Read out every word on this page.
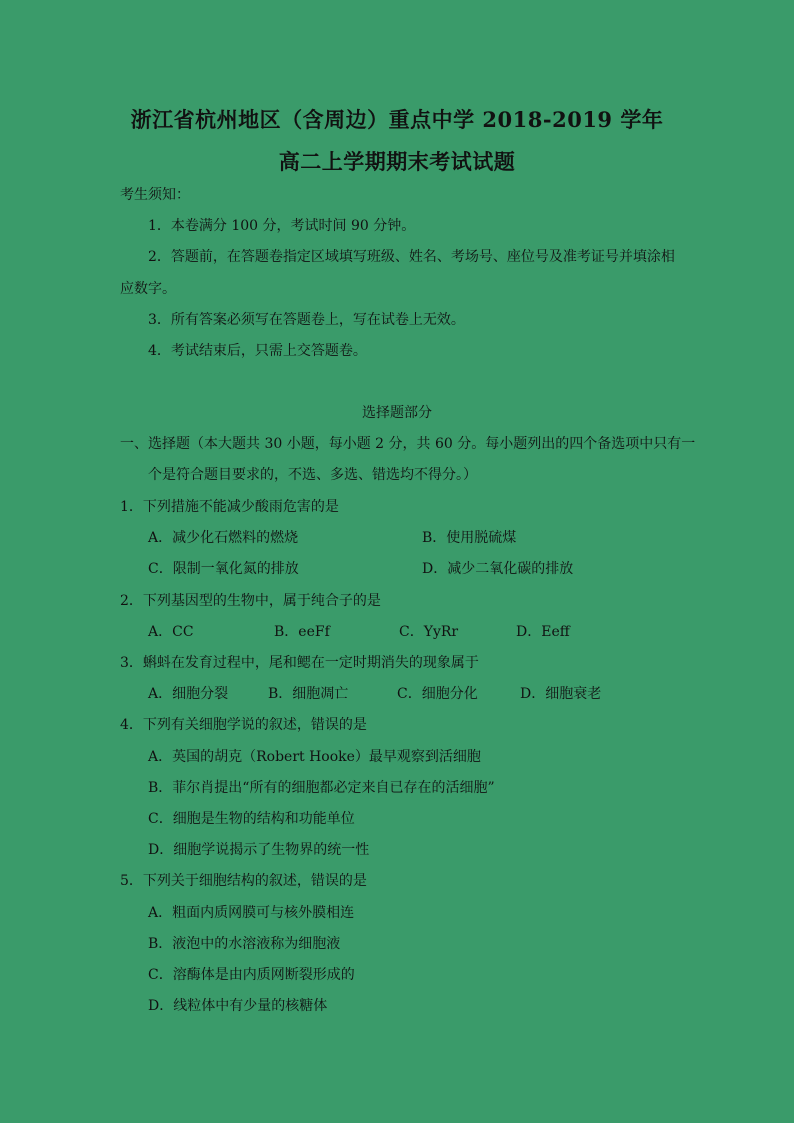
浙江省杭州地区（含周边）重点中学 2018-2019 学年
高二上学期期末考试试题
考生须知：
1．本卷满分 100 分，考试时间 90 分钟。
2．答题前，在答题卷指定区域填写班级、姓名、考场号、座位号及准考证号并填涂相
应数字。
3．所有答案必须写在答题卷上，写在试卷上无效。
4．考试结束后，只需上交答题卷。
选择题部分
一、选择题（本大题共 30 小题，每小题 2 分，共 60 分。每小题列出的四个备选项中只有一
个是符合题目要求的，不选、多选、错选均不得分。）
1．下列措施不能减少酸雨危害的是
A．减少化石燃料的燃烧	B．使用脱硫煤
C．限制一氧化氮的排放	D．减少二氧化碳的排放
2．下列基因型的生物中，属于纯合子的是
A．CC	B．eeFf	C．YyRr	D．Eeff
3．蝌蚪在发育过程中，尾和鳃在一定时期消失的现象属于
A．细胞分裂	B．细胞凋亡	C．细胞分化	D．细胞衰老
4．下列有关细胞学说的叙述，错误的是
A．英国的胡克（Robert Hooke）最早观察到活细胞
B．菲尔肖提出“所有的细胞都必定来自已存在的活细胞”
C．细胞是生物的结构和功能单位
D．细胞学说揭示了生物界的统一性
5．下列关于细胞结构的叙述，错误的是
A．粗面内质网膜可与核外膜相连
B．液泡中的水溶液称为细胞液
C．溶酶体是由内质网断裂形成的
D．线粒体中有少量的核糖体
